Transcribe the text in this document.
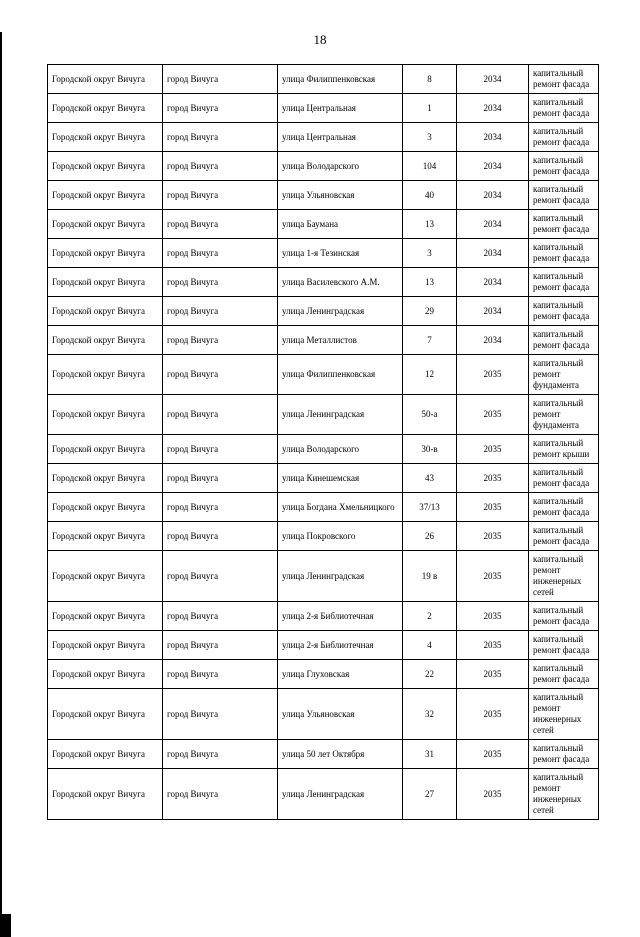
18
Городской округ Вичуга	город Вичуга	улица Филиппенковская	8	2034	капитальный ремонт фасада
Городской округ Вичуга	город Вичуга	улица Центральная	1	2034	капитальный ремонт фасада
Городской округ Вичуга	город Вичуга	улица Центральная	3	2034	капитальный ремонт фасада
Городской округ Вичуга	город Вичуга	улица Володарского	104	2034	капитальный ремонт фасада
Городской округ Вичуга	город Вичуга	улица Ульяновская	40	2034	капитальный ремонт фасада
Городской округ Вичуга	город Вичуга	улица Баумана	13	2034	капитальный ремонт фасада
Городской округ Вичуга	город Вичуга	улица 1-я Тезинская	3	2034	капитальный ремонт фасада
Городской округ Вичуга	город Вичуга	улица Василевского А.М.	13	2034	капитальный ремонт фасада
Городской округ Вичуга	город Вичуга	улица Ленинградская	29	2034	капитальный ремонт фасада
Городской округ Вичуга	город Вичуга	улица Металлистов	7	2034	капитальный ремонт фасада
Городской округ Вичуга	город Вичуга	улица Филиппенковская	12	2035	капитальный ремонт фундамента
Городской округ Вичуга	город Вичуга	улица Ленинградская	50-а	2035	капитальный ремонт фундамента
Городской округ Вичуга	город Вичуга	улица Володарского	30-в	2035	капитальный ремонт крыши
Городской округ Вичуга	город Вичуга	улица Кинешемская	43	2035	капитальный ремонт фасада
Городской округ Вичуга	город Вичуга	улица Богдана Хмельницкого	37/13	2035	капитальный ремонт фасада
Городской округ Вичуга	город Вичуга	улица Покровского	26	2035	капитальный ремонт фасада
Городской округ Вичуга	город Вичуга	улица Ленинградская	19 в	2035	капитальный ремонт инженерных сетей
Городской округ Вичуга	город Вичуга	улица 2-я Библиотечная	2	2035	капитальный ремонт фасада
Городской округ Вичуга	город Вичуга	улица 2-я Библиотечная	4	2035	капитальный ремонт фасада
Городской округ Вичуга	город Вичуга	улица Глуховская	22	2035	капитальный ремонт фасада
Городской округ Вичуга	город Вичуга	улица Ульяновская	32	2035	капитальный ремонт инженерных сетей
Городской округ Вичуга	город Вичуга	улица 50 лет Октября	31	2035	капитальный ремонт фасада
Городской округ Вичуга	город Вичуга	улица Ленинградская	27	2035	капитальный ремонт инженерных сетей
